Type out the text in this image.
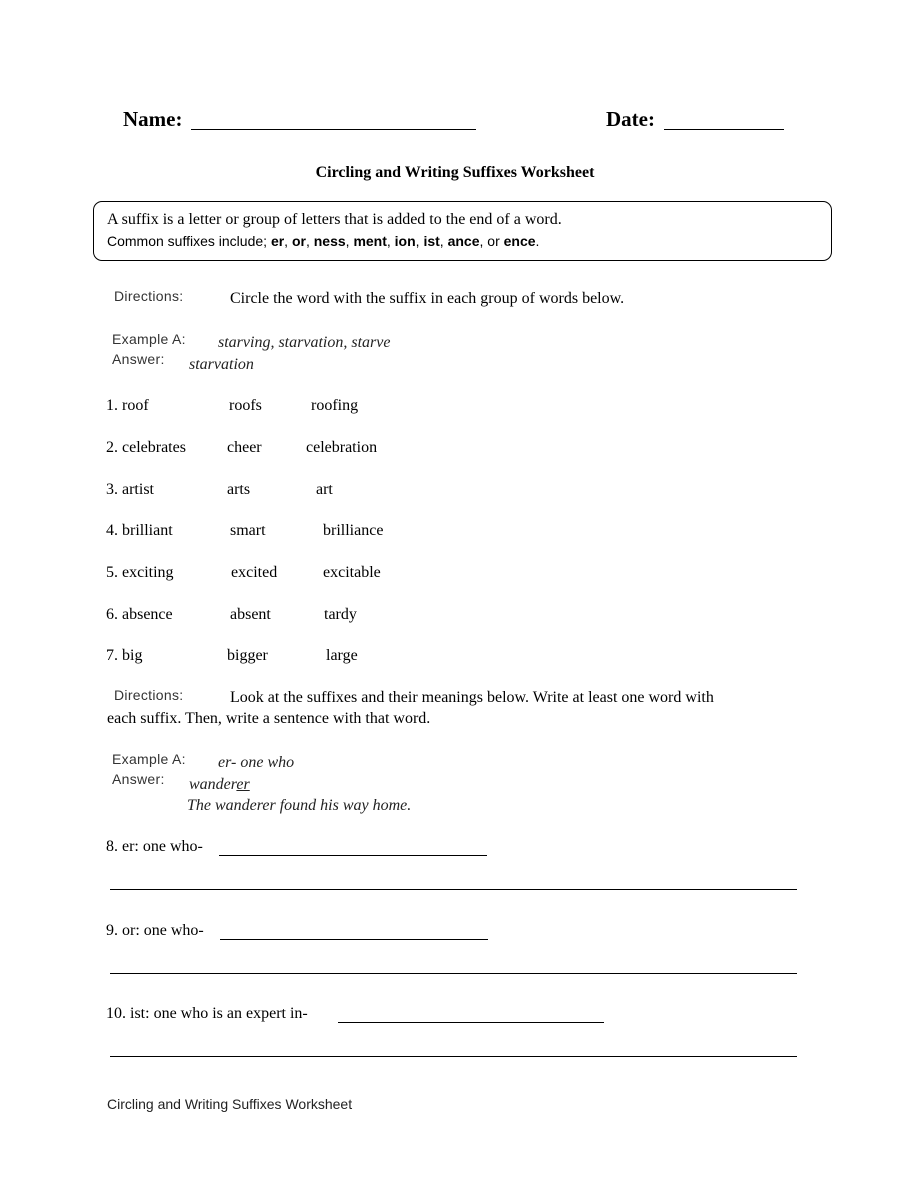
Name:	Date:
Circling and Writing Suffixes Worksheet
A suffix is a letter or group of letters that is added to the end of a word.
Common suffixes include; er, or, ness, ment, ion, ist, ance, or ence.
Directions:	Circle the word with the suffix in each group of words below.
Example A: starving, starvation, starve
Answer: starvation
1. roof	roofs	roofing
2. celebrates	cheer	celebration
3. artist	arts	art
4. brilliant	smart	brilliance
5. exciting	excited	excitable
6. absence	absent	tardy
7. big	bigger	large
Directions:	Look at the suffixes and their meanings below. Write at least one word with
each suffix. Then, write a sentence with that word.
Example A: er- one who
Answer: wanderer
The wanderer found his way home.
8. er: one who-
9. or: one who-
10. ist: one who is an expert in-
Circling and Writing Suffixes Worksheet
